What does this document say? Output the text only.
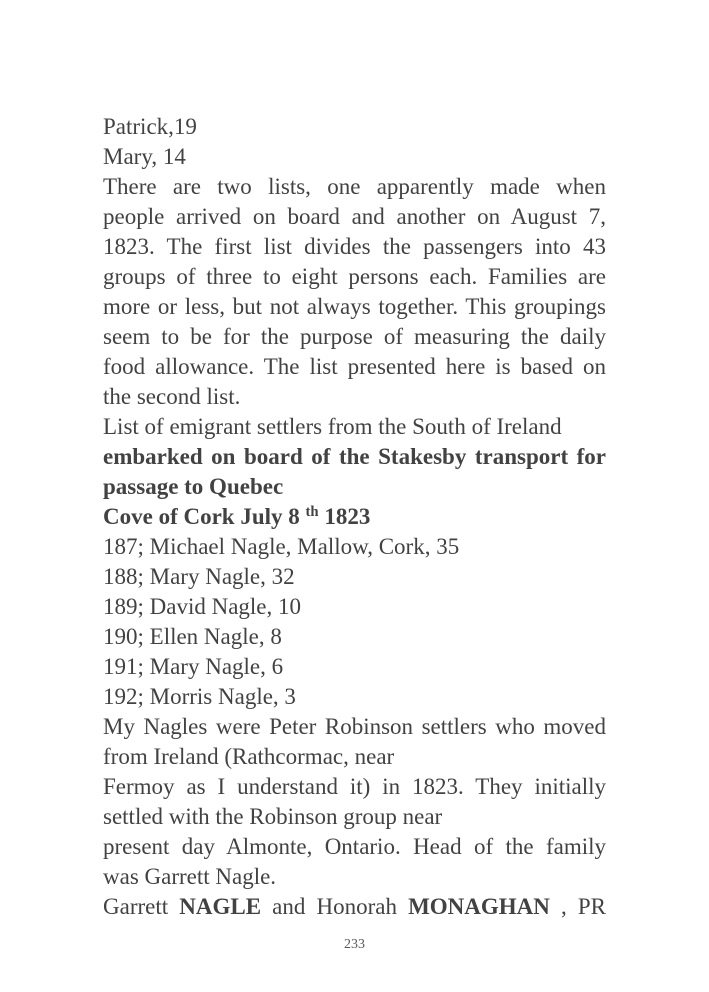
Patrick,19
Mary, 14
There are two lists, one apparently made when
people arrived on board and another on August 7,
1823. The first list divides the passengers into 43
groups of three to eight persons each. Families are
more or less, but not always together. This groupings
seem to be for the purpose of measuring the daily
food allowance. The list presented here is based on
the second list.
List of emigrant settlers from the South of Ireland
embarked on board of the Stakesby transport for
passage to Quebec
Cove of Cork July 8 $^{th}$ 1823
187; Michael Nagle, Mallow, Cork, 35
188; Mary Nagle, 32
189; David Nagle, 10
190; Ellen Nagle, 8
191; Mary Nagle, 6
192; Morris Nagle, 3
My Nagles were Peter Robinson settlers who moved
from Ireland (Rathcormac, near
Fermoy as I understand it) in 1823. They initially
settled with the Robinson group near
present day Almonte, Ontario. Head of the family
was Garrett Nagle.
Garrett NAGLE and Honorah MONAGHAN , PR
233
